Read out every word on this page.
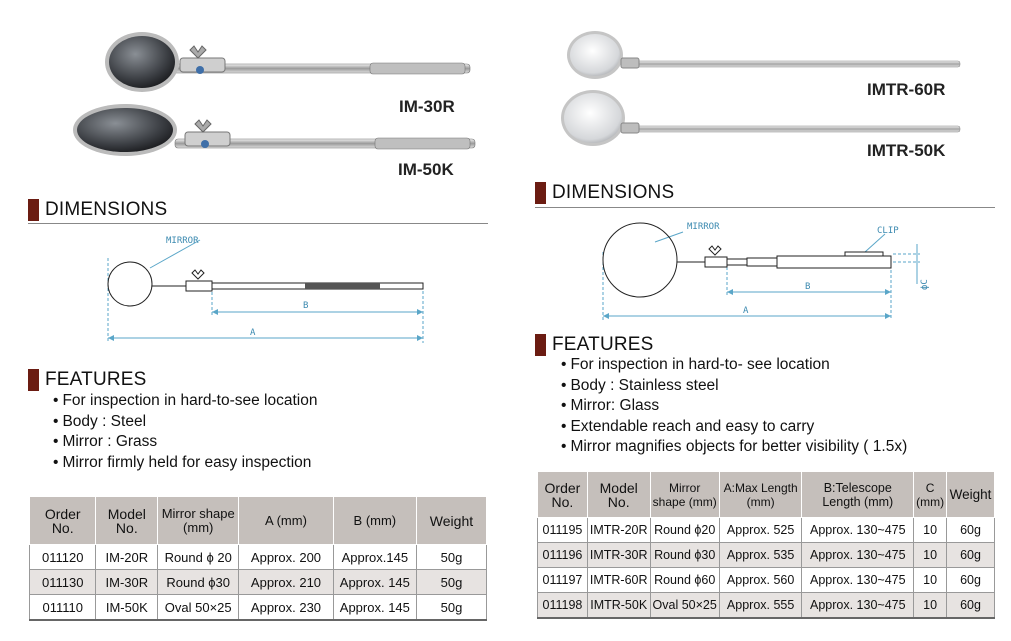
IM-30R
IM-50K
DIMENSIONS
MIRROR
B
A
FEATURES
• For inspection in hard-to-see location
• Body : Steel
• Mirror : Grass
• Mirror firmly held for easy inspection
Order No.	Model No.	Mirror shape (mm)	A (mm)	B (mm)	Weight
011120	IM-20R	Round ϕ 20	Approx. 200	Approx.145	50g
011130	IM-30R	Round ϕ30	Approx. 210	Approx. 145	50g
011110	IM-50K	Oval 50×25	Approx. 230	Approx. 145	50g
IMTR-60R
IMTR-50K
DIMENSIONS
MIRROR	CLIP
B
A
ϕC
FEATURES
• For inspection in hard-to- see location
• Body : Stainless steel
• Mirror: Glass
• Extendable reach and easy to carry
• Mirror magnifies objects for better visibility ( 1.5x)
Order No.	Model No.	Mirror shape (mm)	A:Max Length (mm)	B:Telescope Length (mm)	C (mm)	Weight
011195	IMTR-20R	Round ϕ20	Approx. 525	Approx. 130~475	10	60g
011196	IMTR-30R	Round ϕ30	Approx. 535	Approx. 130~475	10	60g
011197	IMTR-60R	Round ϕ60	Approx. 560	Approx. 130~475	10	60g
011198	IMTR-50K	Oval 50×25	Approx. 555	Approx. 130~475	10	60g
